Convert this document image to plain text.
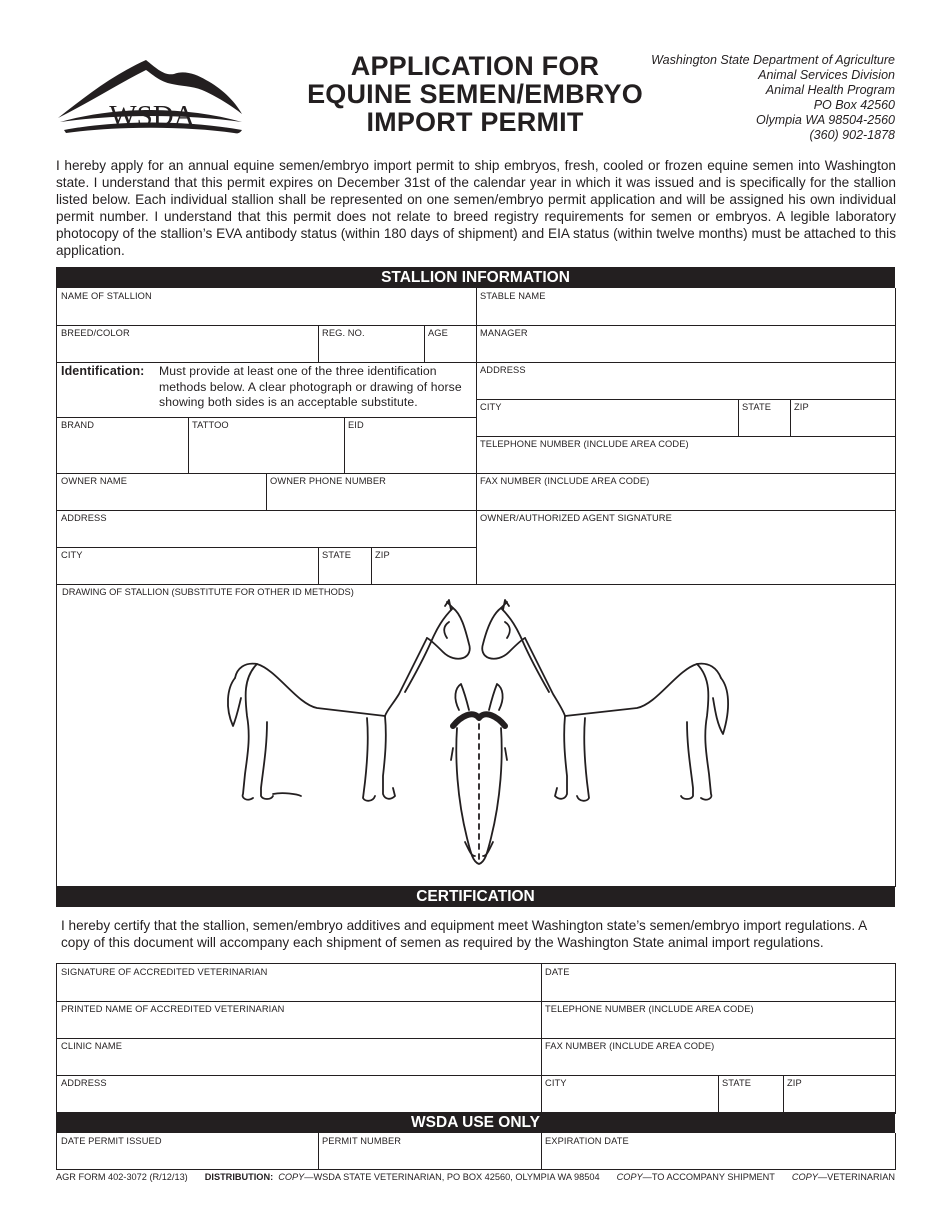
WSDA
APPLICATION FOR
EQUINE SEMEN/EMBRYO
IMPORT PERMIT
Washington State Department of Agriculture
Animal Services Division
Animal Health Program
PO Box 42560
Olympia WA 98504-2560
(360) 902-1878
I hereby apply for an annual equine semen/embryo import permit to ship embryos, fresh, cooled or frozen equine semen into Washington state. I understand that this permit expires on December 31st of the calendar year in which it was issued and is specifically for the stallion listed below. Each individual stallion shall be represented on one semen/embryo permit application and will be assigned his own individual permit number. I understand that this permit does not relate to breed registry requirements for semen or embryos. A legible laboratory photocopy of the stallion’s EVA antibody status (within 180 days of shipment) and EIA status (within twelve months) must be attached to this application.
STALLION INFORMATION
NAME OF STALLION
BREED/COLOR	REG. NO.	AGE
Identification: Must provide at least one of the three identification methods below. A clear photograph or drawing of horse showing both sides is an acceptable substitute.
BRAND	TATTOO	EID
OWNER NAME	OWNER PHONE NUMBER
ADDRESS
CITY	STATE	ZIP
STABLE NAME
MANAGER
ADDRESS
CITY	STATE	ZIP
TELEPHONE NUMBER (INCLUDE AREA CODE)
FAX NUMBER (INCLUDE AREA CODE)
OWNER/AUTHORIZED AGENT SIGNATURE
DRAWING OF STALLION (SUBSTITUTE FOR OTHER ID METHODS)
CERTIFICATION
I hereby certify that the stallion, semen/embryo additives and equipment meet Washington state’s semen/embryo import regulations. A copy of this document will accompany each shipment of semen as required by the Washington State animal import regulations.
SIGNATURE OF ACCREDITED VETERINARIAN	DATE
PRINTED NAME OF ACCREDITED VETERINARIAN	TELEPHONE NUMBER (INCLUDE AREA CODE)
CLINIC NAME	FAX NUMBER (INCLUDE AREA CODE)
ADDRESS	CITY	STATE	ZIP
WSDA USE ONLY
DATE PERMIT ISSUED	PERMIT NUMBER	EXPIRATION DATE
AGR FORM 402-3072 (R/12/13) DISTRIBUTION: COPY—WSDA STATE VETERINARIAN, PO BOX 42560, OLYMPIA WA 98504 COPY—TO ACCOMPANY SHIPMENT COPY—VETERINARIAN
